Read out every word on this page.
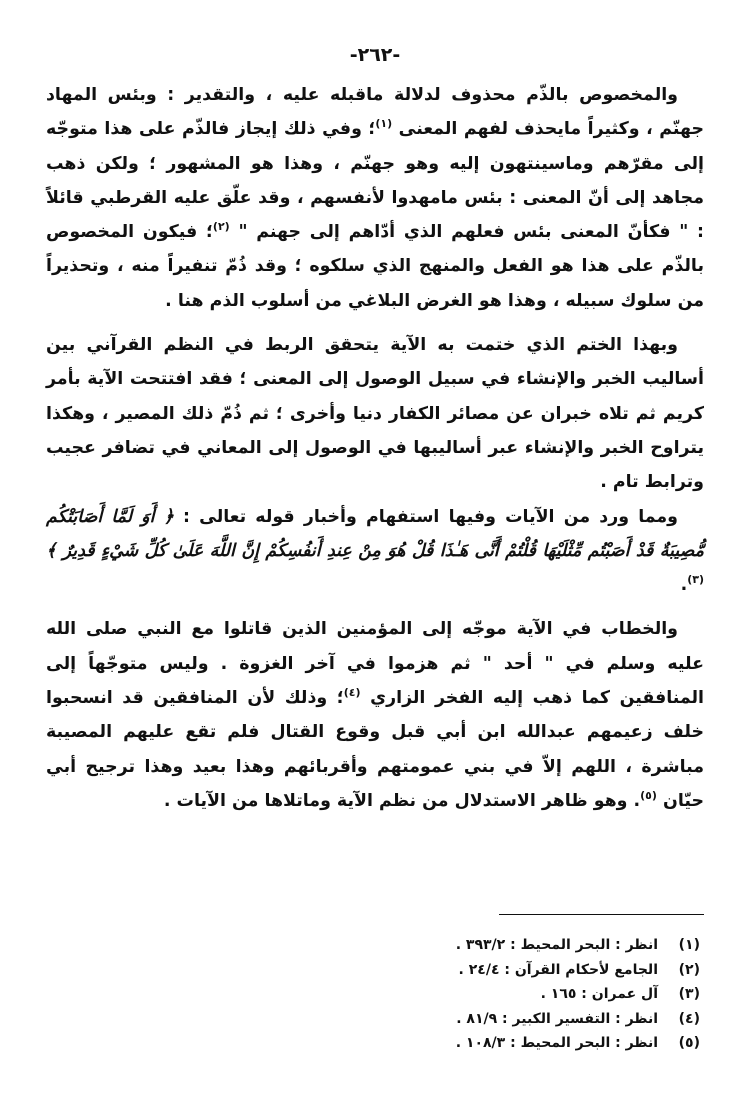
-٢٦٢-

والمخصوص بالذّم محذوف لدلالة ماقبله عليه ، والتقدير : وبئس المهاد جهنّم ، وكثيراً مايحذف لفهم المعنى $^{(١)}$؛ وفي ذلك إيجاز فالذّم على هذا متوجّه إلى مقرّهم وماسينتهون إليه وهو جهنّم ، وهذا هو المشهور ؛ ولكن ذهب مجاهد إلى أنّ المعنى : بئس مامهدوا لأنفسهم ، وقد علّق عليه القرطبي قائلاً : " فكأنّ المعنى بئس فعلهم الذي أدّاهم إلى جهنم " $^{(٢)}$؛ فيكون المخصوص بالذّم على هذا هو الفعل والمنهج الذي سلكوه ؛ وقد ذُمّ تنفيراً منه ، وتحذيراً من سلوك سبيله ، وهذا هو الغرض البلاغي من أسلوب الذم هنا .

وبهذا الختم الذي ختمت به الآية يتحقق الربط في النظم القرآني بين أساليب الخبر والإنشاء في سبيل الوصول إلى المعنى ؛ فقد افتتحت الآية بأمر كريم ثم تلاه خبران عن مصائر الكفار دنيا وأخرى ؛ ثم ذُمّ ذلك المصير ، وهكذا يتراوح الخبر والإنشاء عبر أساليبها في الوصول إلى المعاني في تضافر عجيب وترابط تام .

ومما ورد من الآيات وفيها استفهام وأخبار قوله تعالى : ﴿ أَوَ لَمَّا أَصَابَتْكُم مُّصِيبَةٌ قَدْ أَصَبْتُم مِّثْلَيْهَا قُلْتُمْ أَنَّى هَـٰذَا قُلْ هُوَ مِنْ عِندِ أَنفُسِكُمْ إِنَّ اللَّهَ عَلَىٰ كُلِّ شَيْءٍ قَدِيرٌ ﴾ $^{(٣)}$.

والخطاب في الآية موجّه إلى المؤمنين الذين قاتلوا مع النبي صلى الله عليه وسلم في " أحد " ثم هزموا في آخر الغزوة . وليس متوجّهاً إلى المنافقين كما ذهب إليه الفخر الزاري $^{(٤)}$؛ وذلك لأن المنافقين قد انسحبوا خلف زعيمهم عبدالله ابن أبي قبل وقوع القتال فلم تقع عليهم المصيبة مباشرة ، اللهم إلاّ في بني عمومتهم وأقربائهم وهذا بعيد وهذا ترجيح أبي حيّان $^{(٥)}$. وهو ظاهر الاستدلال من نظم الآية وماتلاها من الآيات .

(١)
انظر : البحر المحيط : ٣٩٣/٢ .
(٢)
الجامع لأحكام القرآن : ٢٤/٤ .
(٣)
آل عمران : ١٦٥ .
(٤)
انظر : التفسير الكبير : ٨١/٩ .
(٥)
انظر : البحر المحيط : ١٠٨/٣ .
